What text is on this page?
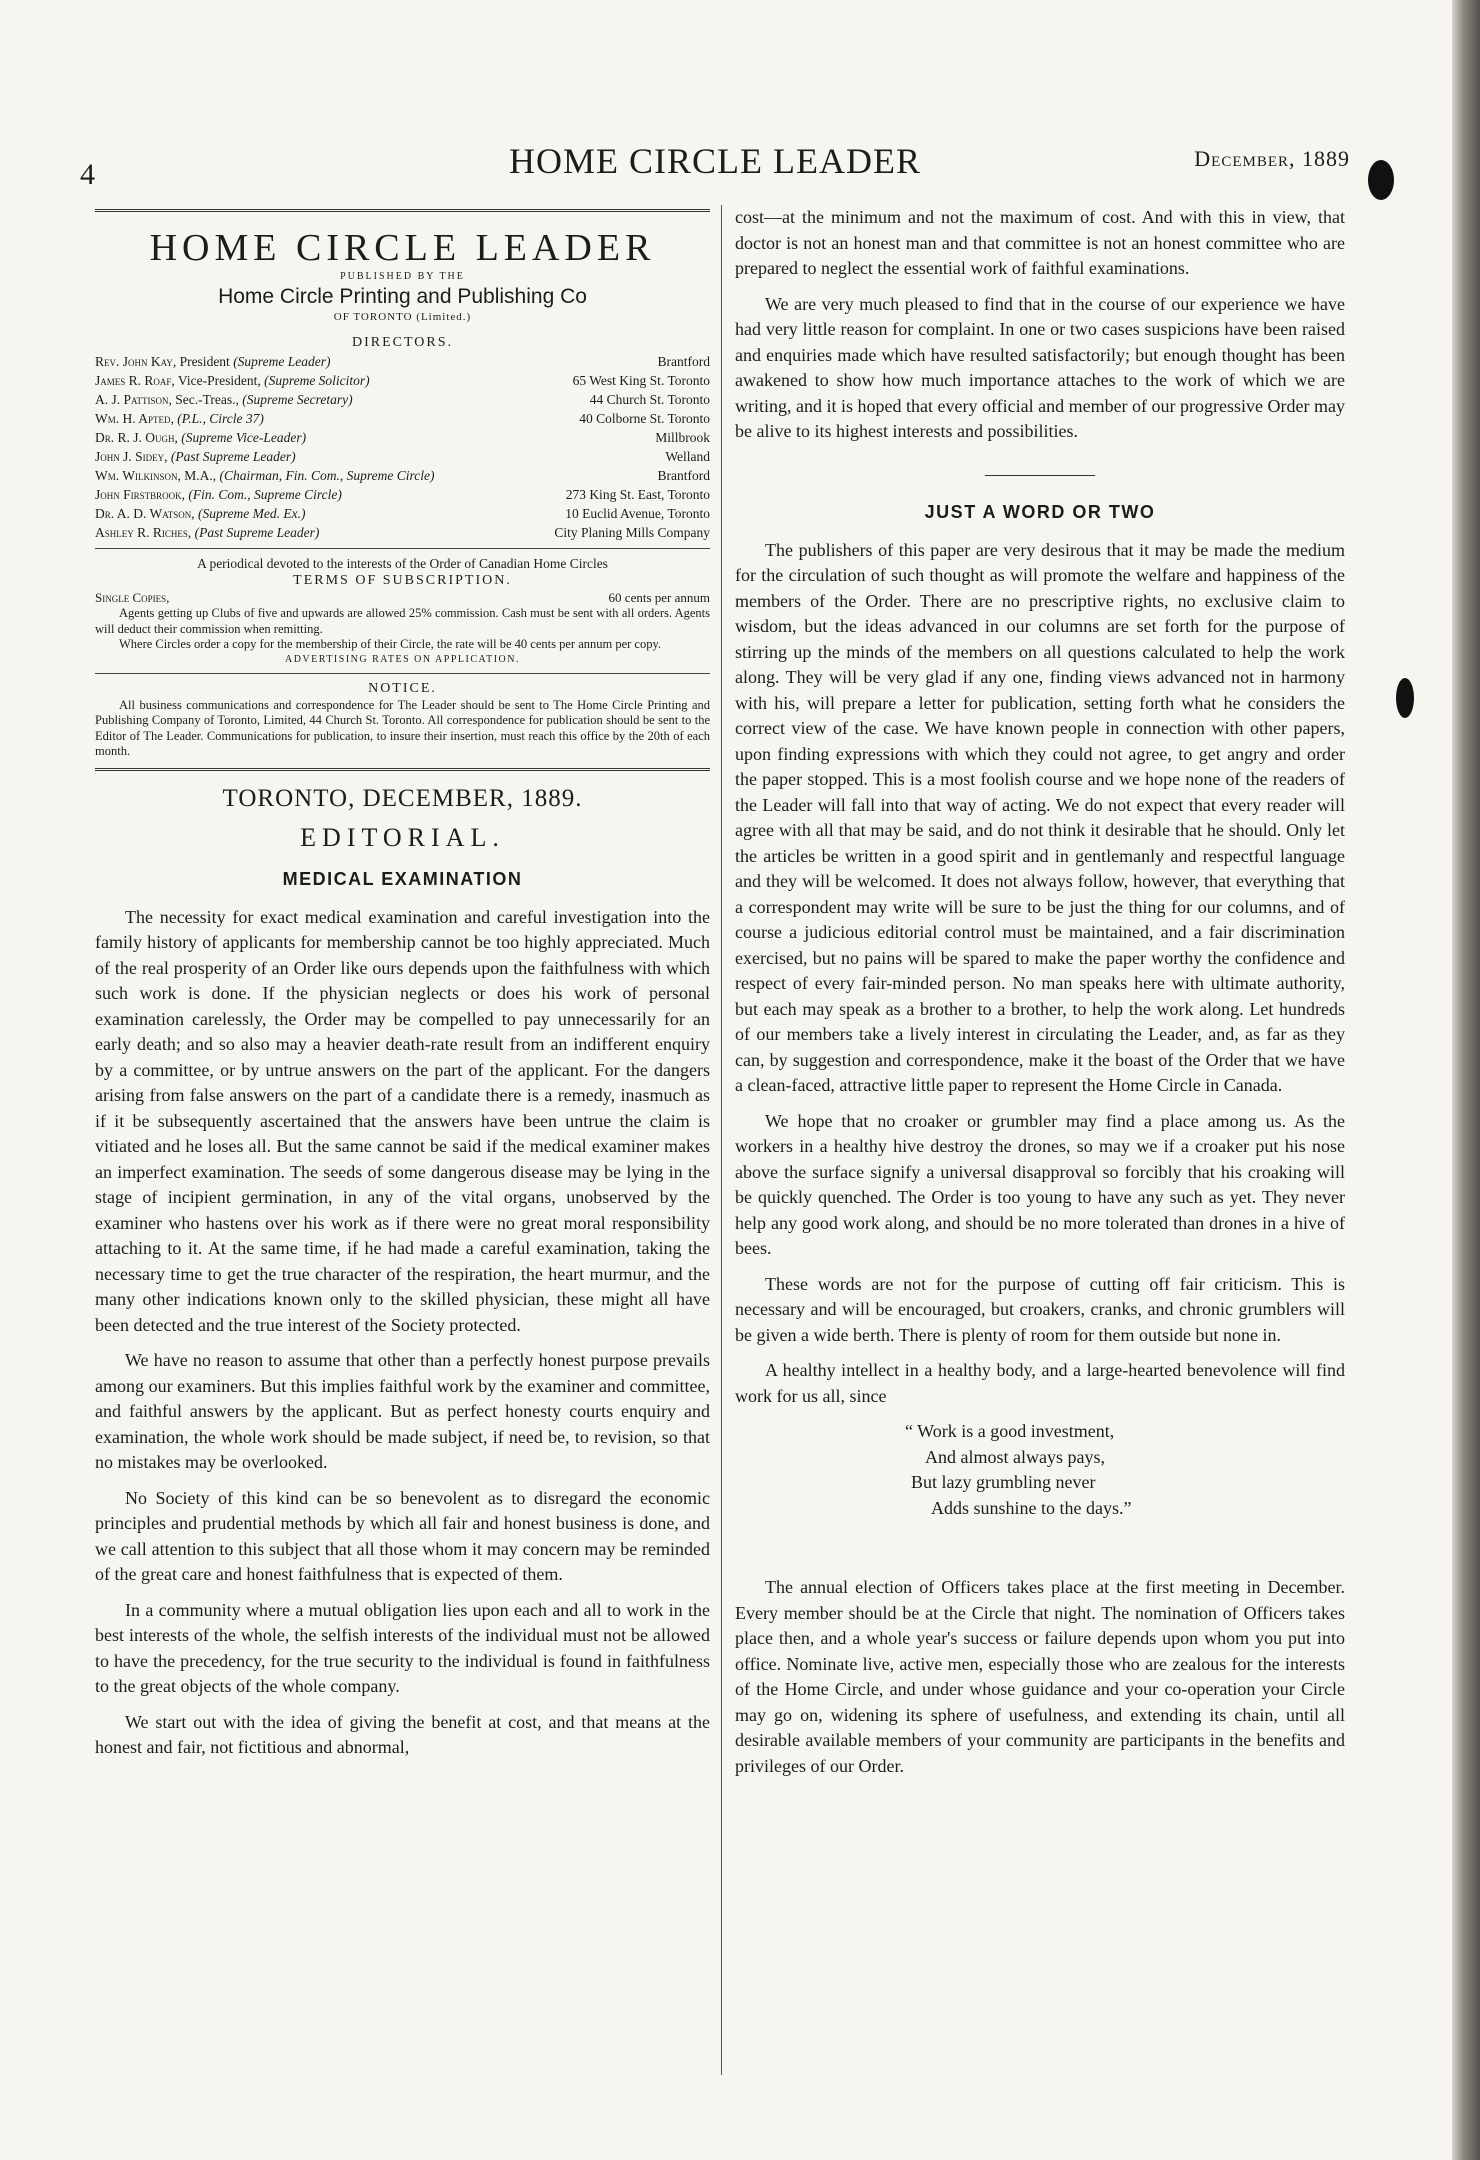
4	HOME CIRCLE LEADER	December, 1889
HOME CIRCLE LEADER
PUBLISHED BY THE
Home Circle Printing and Publishing Co
OF TORONTO (Limited.)
DIRECTORS.
Rev. John Kay, President (Supreme Leader)	Brantford
James R. Roaf, Vice-President, (Supreme Solicitor)	65 West King St. Toronto
A. J. Pattison, Sec.-Treas., (Supreme Secretary)	44 Church St. Toronto
Wm. H. Apted, (P.L., Circle 37)	40 Colborne St. Toronto
Dr. R. J. Ough, (Supreme Vice-Leader)	Millbrook
John J. Sidey, (Past Supreme Leader)	Welland
Wm. Wilkinson, M.A., (Chairman, Fin. Com., Supreme Circle)	Brantford
John Firstbrook, (Fin. Com., Supreme Circle)	273 King St. East, Toronto
Dr. A. D. Watson, (Supreme Med. Ex.)	10 Euclid Avenue, Toronto
Ashley R. Riches, (Past Supreme Leader)	City Planing Mills Company
A periodical devoted to the interests of the Order of Canadian Home Circles
TERMS OF SUBSCRIPTION.
Single Copies,	60 cents per annum
Agents getting up Clubs of five and upwards are allowed 25% commission. Cash must be sent with all orders. Agents will deduct their commission when remitting.
Where Circles order a copy for the membership of their Circle, the rate will be 40 cents per annum per copy.
ADVERTISING RATES ON APPLICATION.
NOTICE.
All business communications and correspondence for The Leader should be sent to The Home Circle Printing and Publishing Company of Toronto, Limited, 44 Church St. Toronto. All correspondence for publication should be sent to the Editor of The Leader. Communications for publication, to insure their insertion, must reach this office by the 20th of each month.
TORONTO, DECEMBER, 1889.
EDITORIAL.
MEDICAL EXAMINATION

The necessity for exact medical examination and careful investigation into the family history of applicants for membership cannot be too highly appreciated. Much of the real prosperity of an Order like ours depends upon the faithfulness with which such work is done. If the physician neglects or does his work of personal examination carelessly, the Order may be compelled to pay unnecessarily for an early death; and so also may a heavier death-rate result from an indifferent enquiry by a committee, or by untrue answers on the part of the applicant. For the dangers arising from false answers on the part of a candidate there is a remedy, inasmuch as if it be subsequently ascertained that the answers have been untrue the claim is vitiated and he loses all. But the same cannot be said if the medical examiner makes an imperfect examination. The seeds of some dangerous disease may be lying in the stage of incipient germination, in any of the vital organs, unobserved by the examiner who hastens over his work as if there were no great moral responsibility attaching to it. At the same time, if he had made a careful examination, taking the necessary time to get the true character of the respiration, the heart murmur, and the many other indications known only to the skilled physician, these might all have been detected and the true interest of the Society protected.

We have no reason to assume that other than a perfectly honest purpose prevails among our examiners. But this implies faithful work by the examiner and committee, and faithful answers by the applicant. But as perfect honesty courts enquiry and examination, the whole work should be made subject, if need be, to revision, so that no mistakes may be overlooked.

No Society of this kind can be so benevolent as to disregard the economic principles and prudential methods by which all fair and honest business is done, and we call attention to this subject that all those whom it may concern may be reminded of the great care and honest faithfulness that is expected of them.

In a community where a mutual obligation lies upon each and all to work in the best interests of the whole, the selfish interests of the individual must not be allowed to have the precedency, for the true security to the individual is found in faithfulness to the great objects of the whole company.

We start out with the idea of giving the benefit at cost, and that means at the honest and fair, not fictitious and abnormal,

cost—at the minimum and not the maximum of cost. And with this in view, that doctor is not an honest man and that committee is not an honest committee who are prepared to neglect the essential work of faithful examinations.

We are very much pleased to find that in the course of our experience we have had very little reason for complaint. In one or two cases suspicions have been raised and enquiries made which have resulted satisfactorily; but enough thought has been awakened to show how much importance attaches to the work of which we are writing, and it is hoped that every official and member of our progressive Order may be alive to its highest interests and possibilities.

JUST A WORD OR TWO

The publishers of this paper are very desirous that it may be made the medium for the circulation of such thought as will promote the welfare and happiness of the members of the Order. There are no prescriptive rights, no exclusive claim to wisdom, but the ideas advanced in our columns are set forth for the purpose of stirring up the minds of the members on all questions calculated to help the work along. They will be very glad if any one, finding views advanced not in harmony with his, will prepare a letter for publication, setting forth what he considers the correct view of the case. We have known people in connection with other papers, upon finding expressions with which they could not agree, to get angry and order the paper stopped. This is a most foolish course and we hope none of the readers of the Leader will fall into that way of acting. We do not expect that every reader will agree with all that may be said, and do not think it desirable that he should. Only let the articles be written in a good spirit and in gentlemanly and respectful language and they will be welcomed. It does not always follow, however, that everything that a correspondent may write will be sure to be just the thing for our columns, and of course a judicious editorial control must be maintained, and a fair discrimination exercised, but no pains will be spared to make the paper worthy the confidence and respect of every fair-minded person. No man speaks here with ultimate authority, but each may speak as a brother to a brother, to help the work along. Let hundreds of our members take a lively interest in circulating the Leader, and, as far as they can, by suggestion and correspondence, make it the boast of the Order that we have a clean-faced, attractive little paper to represent the Home Circle in Canada.

We hope that no croaker or grumbler may find a place among us. As the workers in a healthy hive destroy the drones, so may we if a croaker put his nose above the surface signify a universal disapproval so forcibly that his croaking will be quickly quenched. The Order is too young to have any such as yet. They never help any good work along, and should be no more tolerated than drones in a hive of bees.

These words are not for the purpose of cutting off fair criticism. This is necessary and will be encouraged, but croakers, cranks, and chronic grumblers will be given a wide berth. There is plenty of room for them outside but none in.

A healthy intellect in a healthy body, and a large-hearted benevolence will find work for us all, since

“ Work is a good investment,
And almost always pays,
But lazy grumbling never
Adds sunshine to the days.”

The annual election of Officers takes place at the first meeting in December. Every member should be at the Circle that night. The nomination of Officers takes place then, and a whole year's success or failure depends upon whom you put into office. Nominate live, active men, especially those who are zealous for the interests of the Home Circle, and under whose guidance and your co-operation your Circle may go on, widening its sphere of usefulness, and extending its chain, until all desirable available members of your community are participants in the benefits and privileges of our Order.
